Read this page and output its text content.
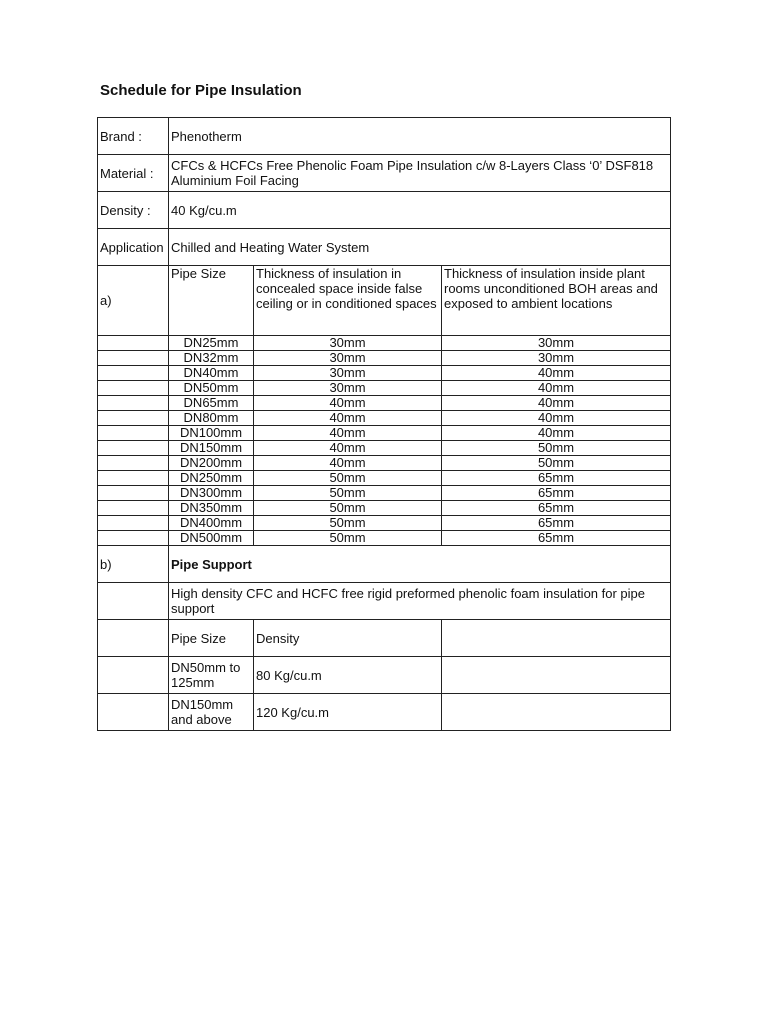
Schedule for Pipe Insulation
Brand :	Phenotherm		
Material :	CFCs & HCFCs Free Phenolic Foam Pipe Insulation c/w 8-Layers Class ‘0’ DSF818 Aluminium Foil Facing		
Density :	40 Kg/cu.m		
Application	Chilled and Heating Water System		
a)	Pipe Size	Thickness of insulation in concealed space inside false ceiling or in conditioned spaces	Thickness of insulation inside plant rooms unconditioned BOH areas and exposed to ambient locations
	DN25mm	30mm	30mm
	DN32mm	30mm	30mm
	DN40mm	30mm	40mm
	DN50mm	30mm	40mm
	DN65mm	40mm	40mm
	DN80mm	40mm	40mm
	DN100mm	40mm	40mm
	DN150mm	40mm	50mm
	DN200mm	40mm	50mm
	DN250mm	50mm	65mm
	DN300mm	50mm	65mm
	DN350mm	50mm	65mm
	DN400mm	50mm	65mm
	DN500mm	50mm	65mm
b)	Pipe Support		
	High density CFC and HCFC free rigid preformed phenolic foam insulation for pipe support		
	Pipe Size	Density	
	DN50mm to 125mm	80 Kg/cu.m	
	DN150mm and above	120 Kg/cu.m	
